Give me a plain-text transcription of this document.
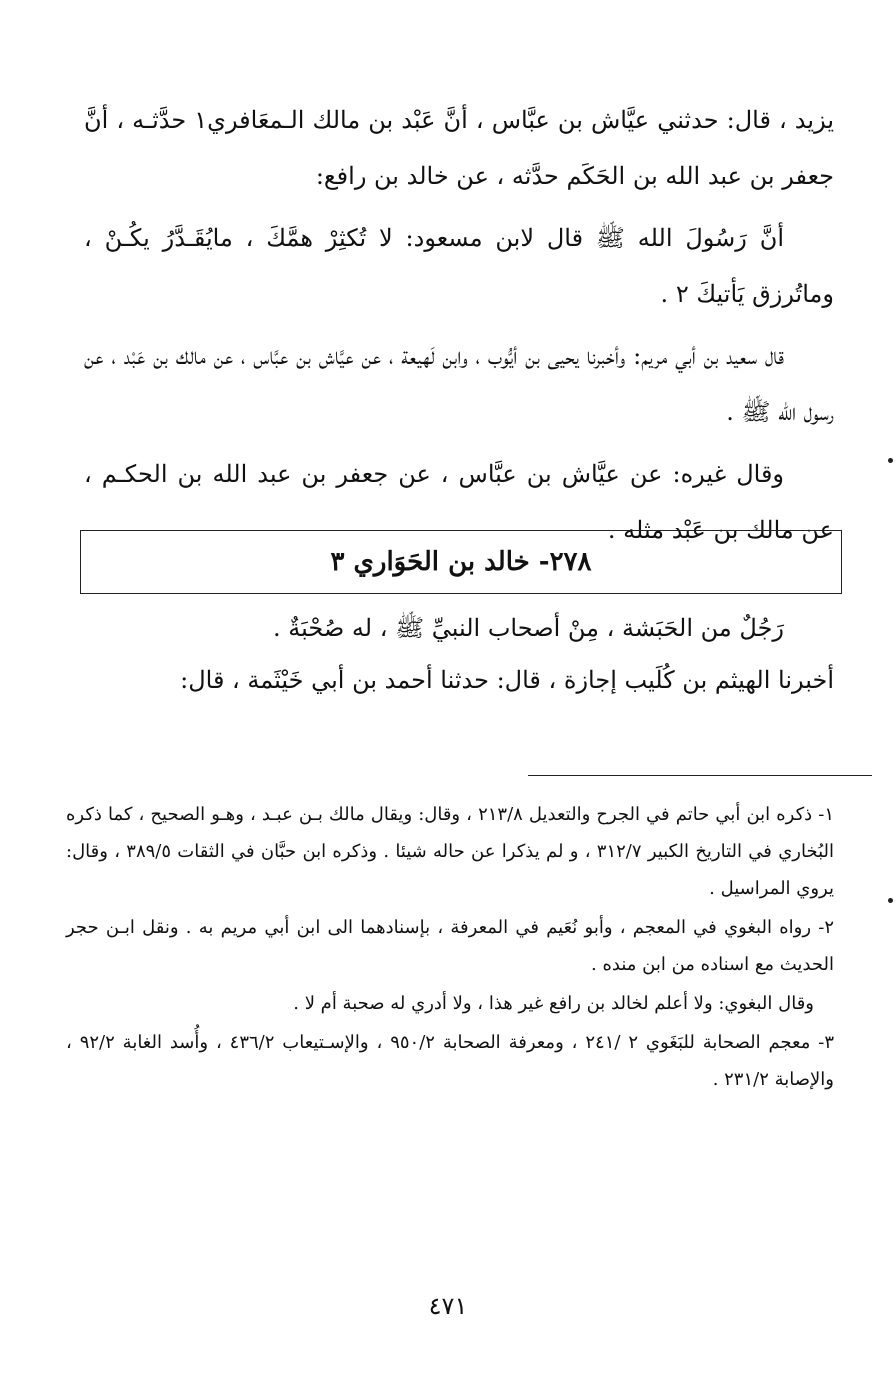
يزيد ، قال: حدثني عيَّاش بن عبَّاس ، أنَّ عَبْد بن مالك الـمعَافري١ حدَّثـه ، أنَّ جعفر بن عبد الله بن الحَكَم حدَّثه ، عن خالد بن رافع:

أنَّ رَسُولَ الله ﷺ قال لابن مسعود: لا تُكثِرْ همَّكَ ، مايُقَـدَّرُ يكُـنْ ، وماتُرزق يَأتيكَ ٢ .

قال سعيد بن أبي مريم: وأخبرنا يحيى بن أيُّوب ، وابن لَهيعة ، عن عيَّاش بن عبَّاس ، عن مالك بن عَبْد ، عن رسول الله ﷺ .

وقال غيره: عن عيَّاش بن عبَّاس ، عن جعفر بن عبد الله بن الحكـم ، عن مالك بن عَبْد مثله .

٢٧٨- خالد بن الحَوَاري ٣

رَجُلٌ من الحَبَشة ، مِنْ أصحاب النبيِّ ﷺ ، له صُحْبَةٌ .

أخبرنا الهيثم بن كُلَيب إجازة ، قال: حدثنا أحمد بن أبي خَيْثَمة ، قال:

١- ذكره ابن أبي حاتم في الجرح والتعديل ٢١٣/٨ ، وقال: ويقال مالك بـن عبـد ، وهـو الصحيح ، كما ذكره البُخاري في التاريخ الكبير ٣١٢/٧ ، و لم يذكرا عن حاله شيئا . وذكره ابن حبَّان في الثقات ٣٨٩/٥ ، وقال: يروي المراسيل .

٢- رواه البغوي في المعجم ، وأبو نُعَيم في المعرفة ، بإسنادهما الى ابن أبي مريم به . ونقل ابـن حجر الحديث مع اسناده من ابن منده .

وقال البغوي: ولا أعلم لخالد بن رافع غير هذا ، ولا أدري له صحبة أم لا .

٣- معجم الصحابة للبَغَوي ٢ /٢٤١ ، ومعرفة الصحابة ٩٥٠/٢ ، والإسـتيعاب ٤٣٦/٢ ، وأُسد الغابة ٩٢/٢ ، والإصابة ٢٣١/٢ .

٤٧١
